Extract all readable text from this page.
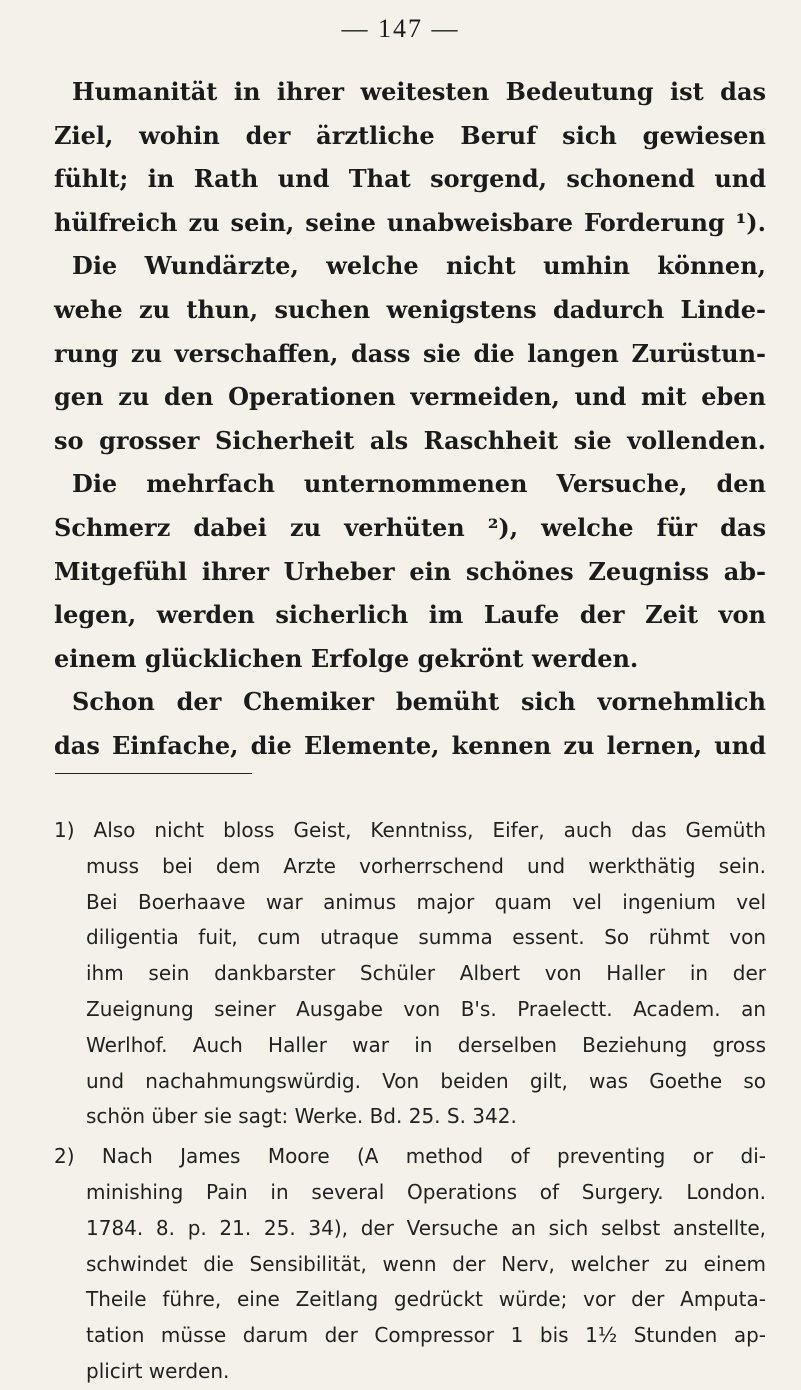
— 147 —
Humanität in ihrer weitesten Bedeutung ist das
Ziel, wohin der ärztliche Beruf sich gewiesen
fühlt; in Rath und That sorgend, schonend und
hülfreich zu sein, seine unabweisbare Forderung ¹).
Die Wundärzte, welche nicht umhin können,
wehe zu thun, suchen wenigstens dadurch Linde-
rung zu verschaffen, dass sie die langen Zurüstun-
gen zu den Operationen vermeiden, und mit eben
so grosser Sicherheit als Raschheit sie vollenden.
Die mehrfach unternommenen Versuche, den
Schmerz dabei zu verhüten ²), welche für das
Mitgefühl ihrer Urheber ein schönes Zeugniss ab-
legen, werden sicherlich im Laufe der Zeit von
einem glücklichen Erfolge gekrönt werden.
Schon der Chemiker bemüht sich vornehmlich
das Einfache, die Elemente, kennen zu lernen, und
1) Also nicht bloss Geist, Kenntniss, Eifer, auch das Gemüth
muss bei dem Arzte vorherrschend und werkthätig sein.
Bei Boerhaave war animus major quam vel ingenium vel
diligentia fuit, cum utraque summa essent. So rühmt von
ihm sein dankbarster Schüler Albert von Haller in der
Zueignung seiner Ausgabe von B's. Praelectt. Academ. an
Werlhof. Auch Haller war in derselben Beziehung gross
und nachahmungswürdig. Von beiden gilt, was Goethe so
schön über sie sagt: Werke. Bd. 25. S. 342.
2) Nach James Moore (A method of preventing or di-
minishing Pain in several Operations of Surgery. London.
1784. 8. p. 21. 25. 34), der Versuche an sich selbst anstellte,
schwindet die Sensibilität, wenn der Nerv, welcher zu einem
Theile führe, eine Zeitlang gedrückt würde; vor der Amputa-
tation müsse darum der Compressor 1 bis 1½ Stunden ap-
plicirt werden.
